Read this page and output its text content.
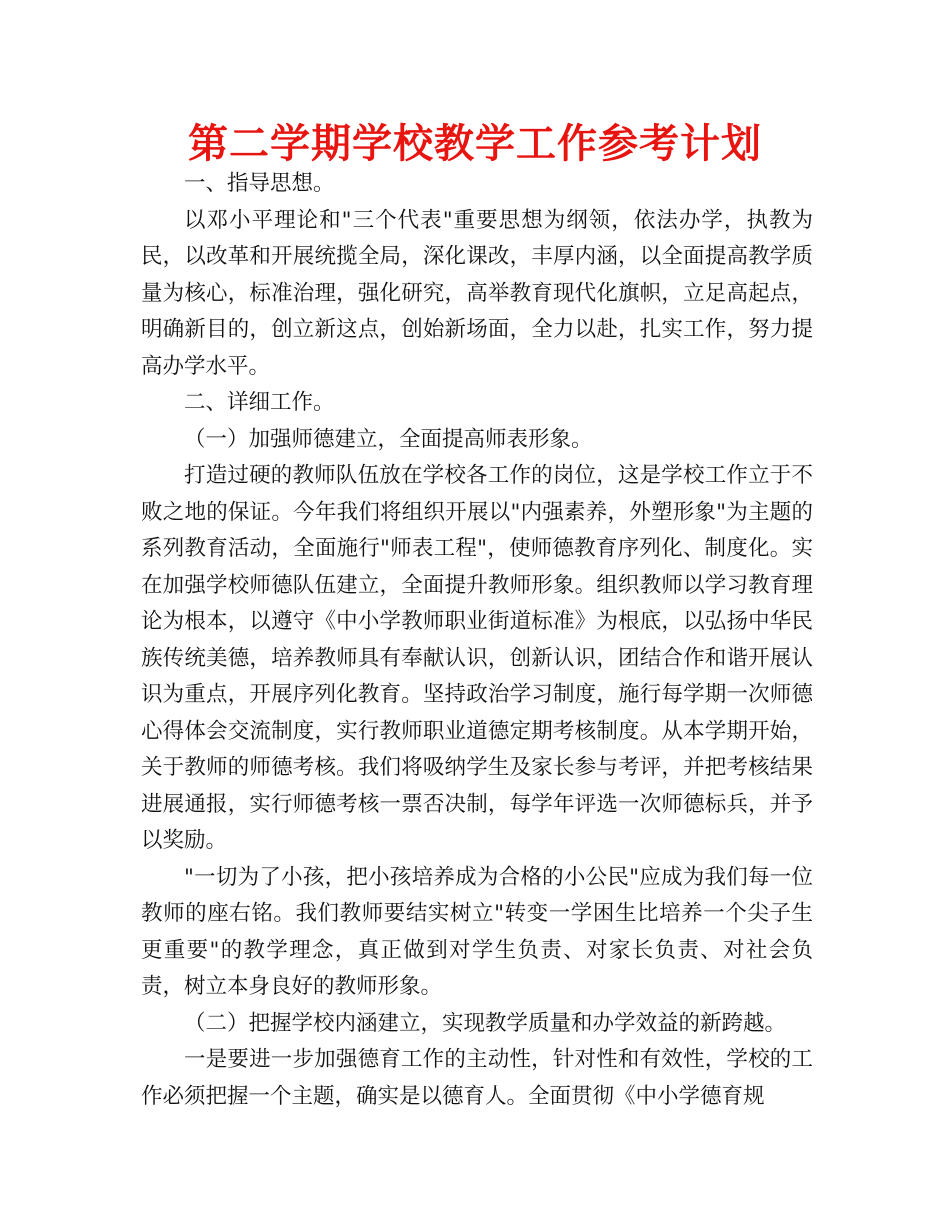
第二学期学校教学工作参考计划

一、指导思想。

以邓小平理论和"三个代表"重要思想为纲领，依法办学，执教为民，以改革和开展统揽全局，深化课改，丰厚内涵，以全面提高教学质量为核心，标准治理，强化研究，高举教育现代化旗帜，立足高起点，明确新目的，创立新这点，创始新场面，全力以赴，扎实工作，努力提高办学水平。

二、详细工作。

（一）加强师德建立，全面提高师表形象。

打造过硬的教师队伍放在学校各工作的岗位，这是学校工作立于不败之地的保证。今年我们将组织开展以"内强素养，外塑形象"为主题的系列教育活动，全面施行"师表工程"，使师德教育序列化、制度化。实在加强学校师德队伍建立，全面提升教师形象。组织教师以学习教育理论为根本，以遵守《中小学教师职业街道标准》为根底，以弘扬中华民族传统美德，培养教师具有奉献认识，创新认识，团结合作和谐开展认识为重点，开展序列化教育。坚持政治学习制度，施行每学期一次师德心得体会交流制度，实行教师职业道德定期考核制度。从本学期开始，关于教师的师德考核。我们将吸纳学生及家长参与考评，并把考核结果进展通报，实行师德考核一票否决制，每学年评选一次师德标兵，并予以奖励。

"一切为了小孩，把小孩培养成为合格的小公民"应成为我们每一位教师的座右铭。我们教师要结实树立"转变一学困生比培养一个尖子生更重要"的教学理念，真正做到对学生负责、对家长负责、对社会负责，树立本身良好的教师形象。

（二）把握学校内涵建立，实现教学质量和办学效益的新跨越。

一是要进一步加强德育工作的主动性，针对性和有效性，学校的工作必须把握一个主题，确实是以德育人。全面贯彻《中小学德育规
